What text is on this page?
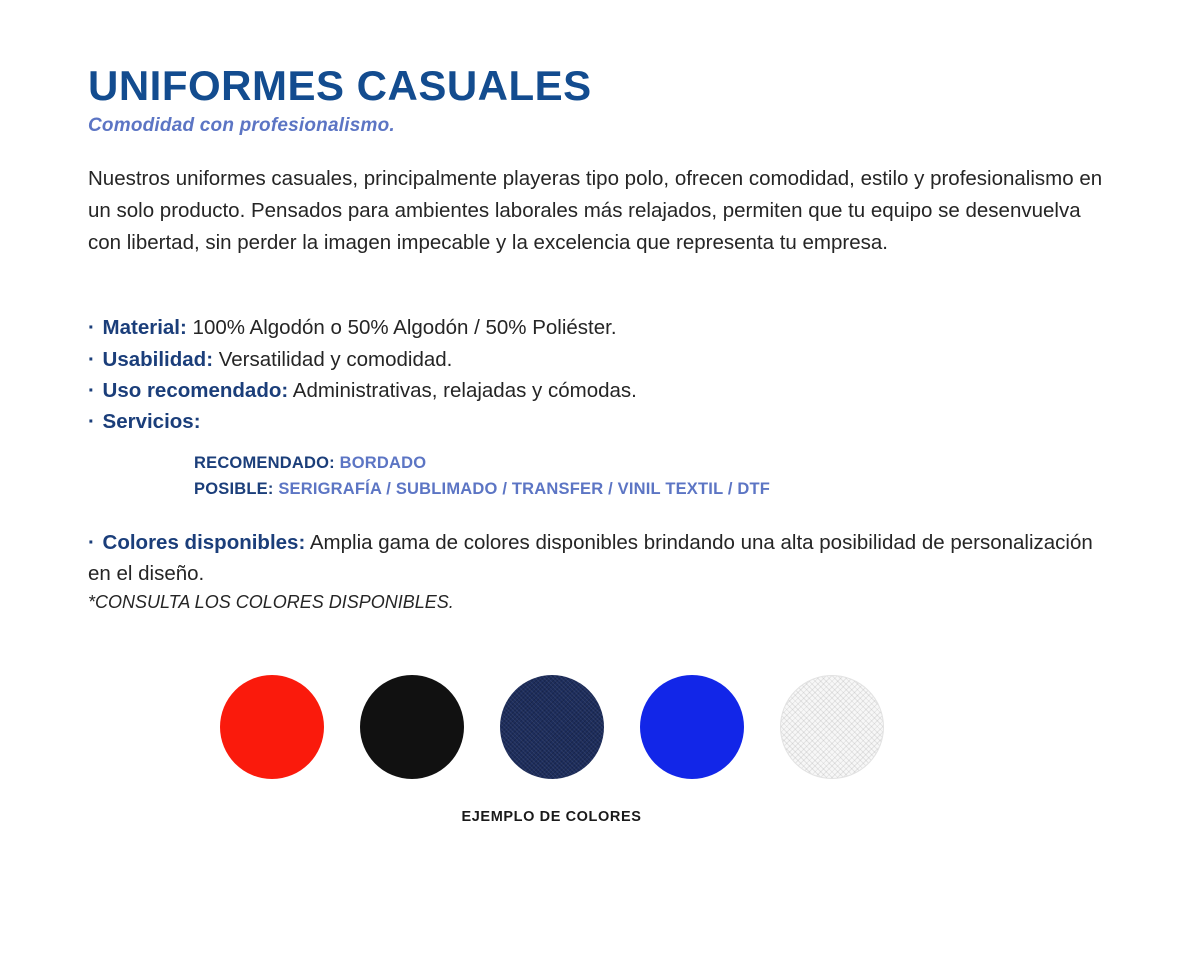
UNIFORMES CASUALES
Comodidad con profesionalismo.

Nuestros uniformes casuales, principalmente playeras tipo polo, ofrecen comodidad, estilo y profesionalismo en un solo producto. Pensados para ambientes laborales más relajados, permiten que tu equipo se desenvuelva con libertad, sin perder la imagen impecable y la excelencia que representa tu empresa.

· Material: 100% Algodón o 50% Algodón / 50% Poliéster.
· Usabilidad: Versatilidad y comodidad.
· Uso recomendado: Administrativas, relajadas y cómodas.
· Servicios:
RECOMENDADO: BORDADO
POSIBLE: SERIGRAFÍA / SUBLIMADO / TRANSFER / VINIL TEXTIL / DTF
· Colores disponibles: Amplia gama de colores disponibles brindando una alta posibilidad de personalización en el diseño.
*CONSULTA LOS COLORES DISPONIBLES.
EJEMPLO DE COLORES
